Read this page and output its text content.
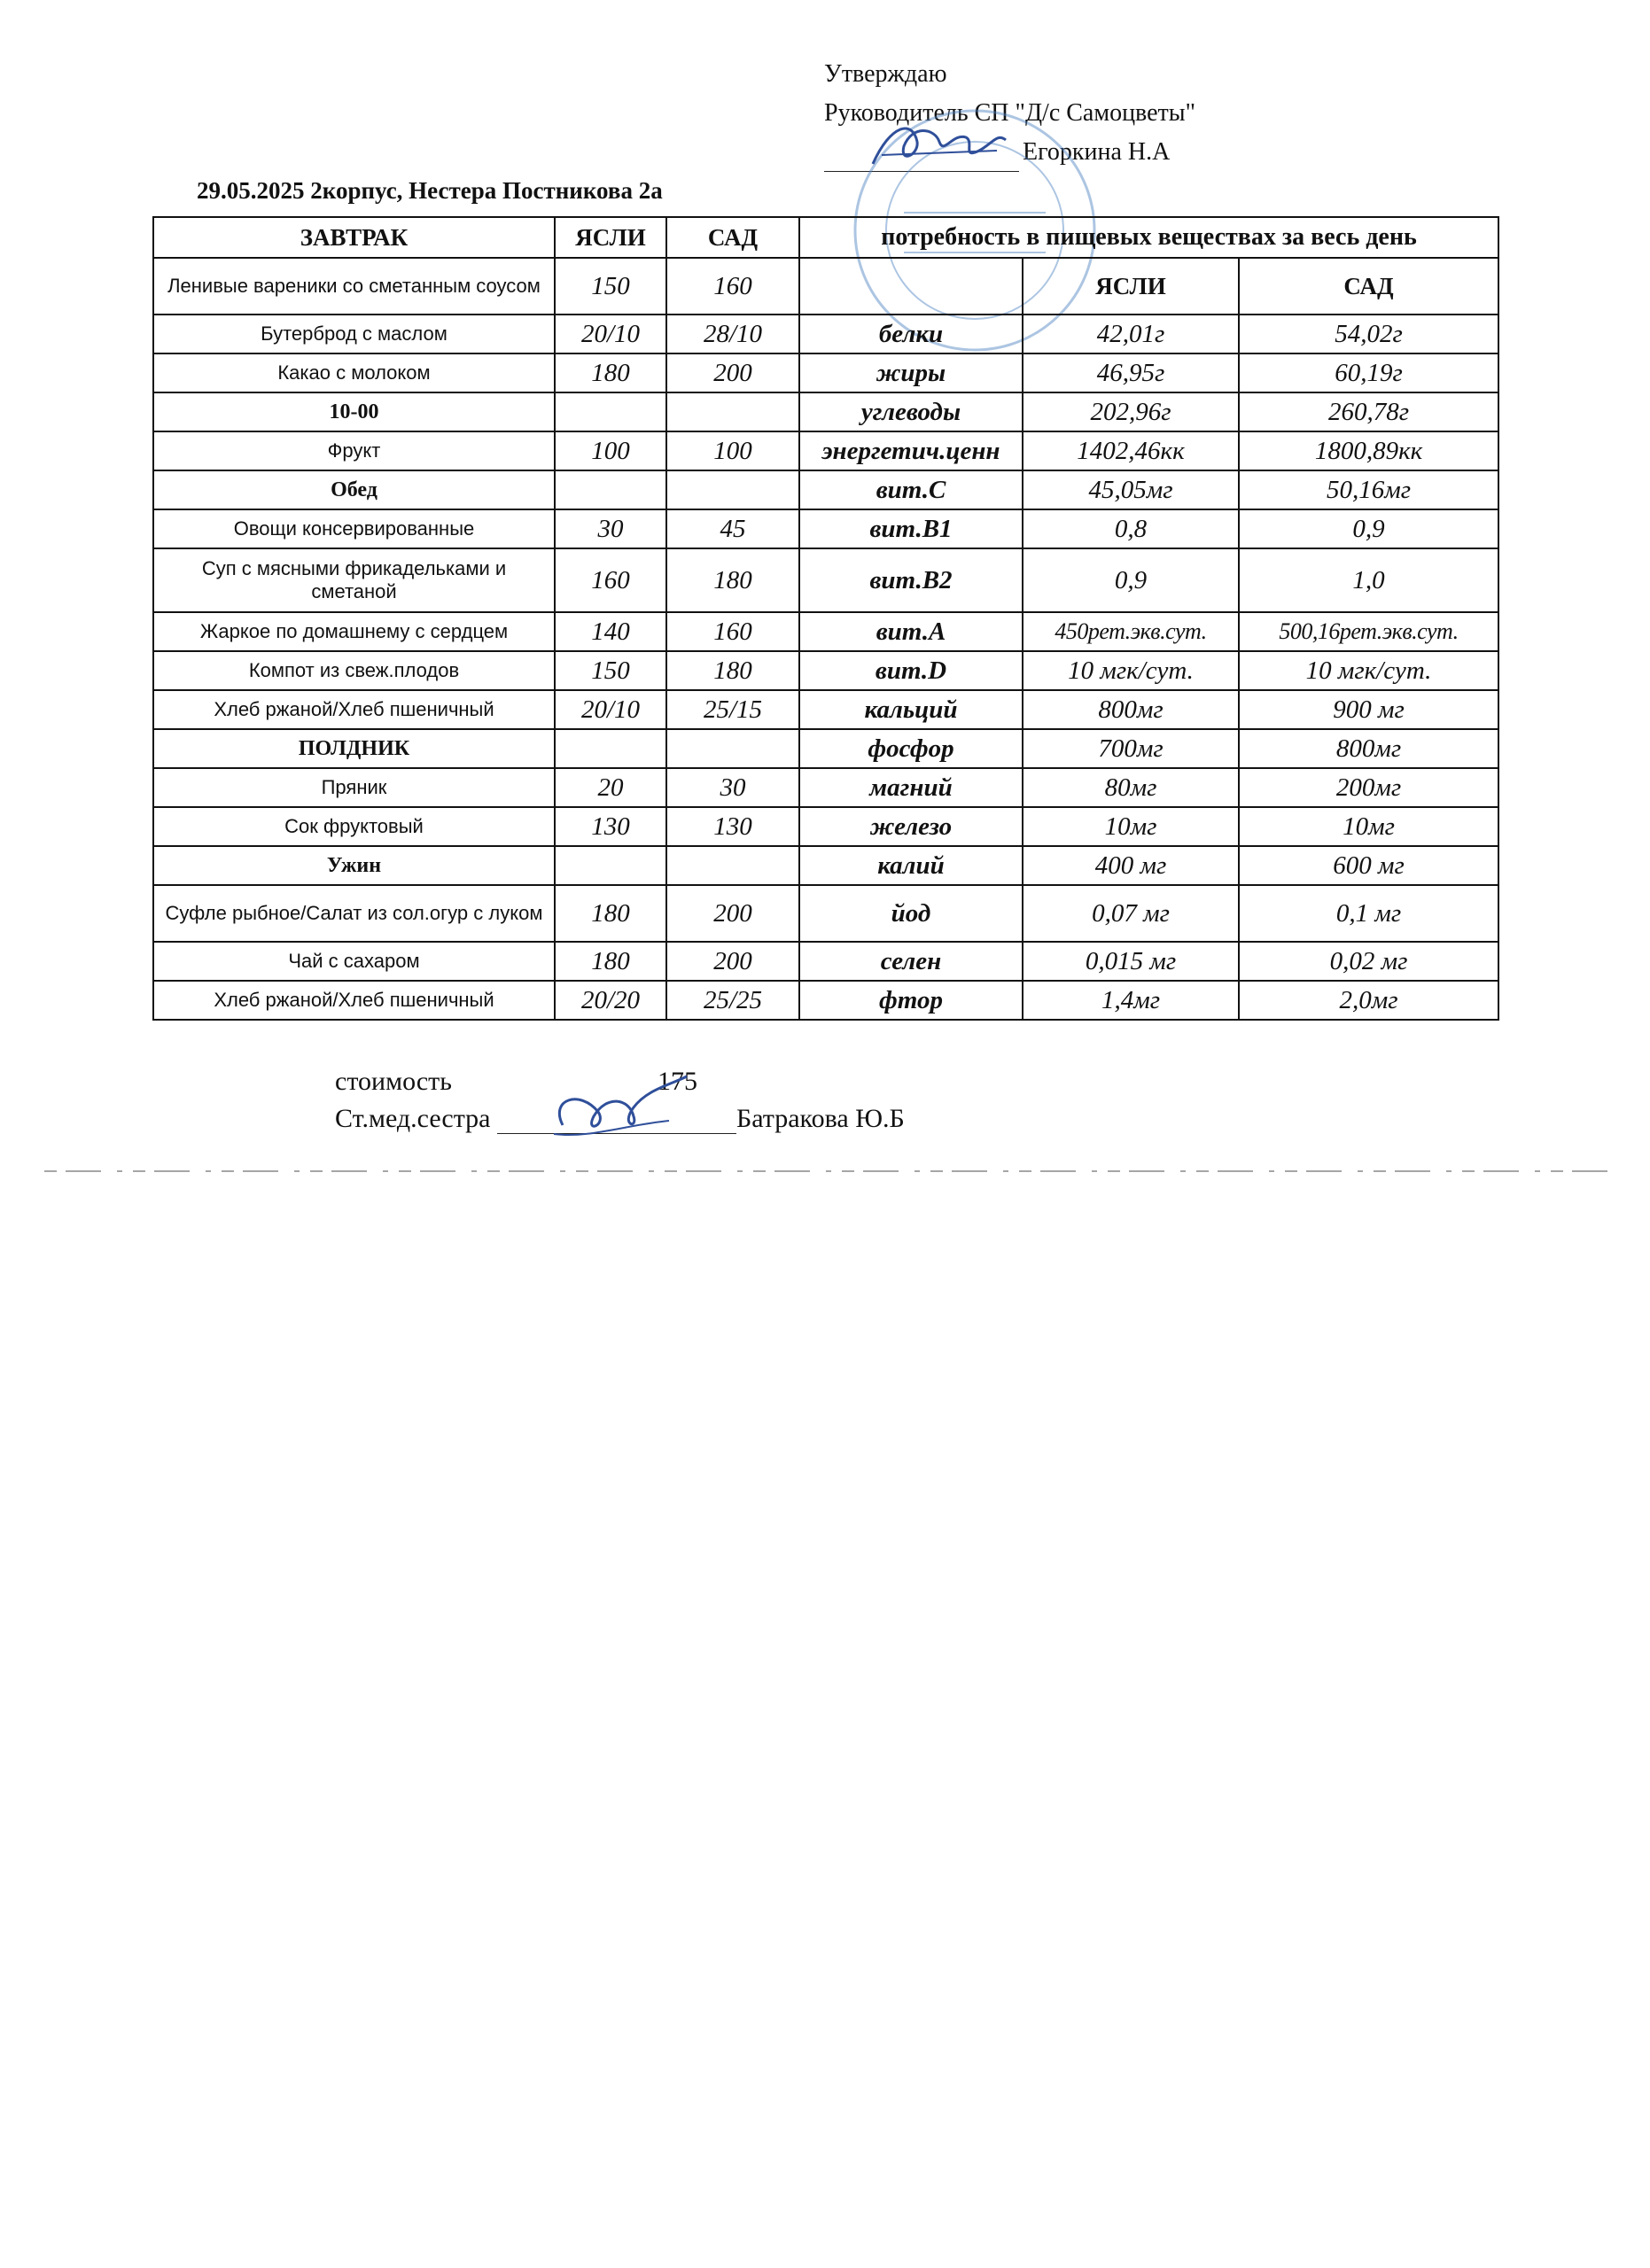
Утверждаю
Руководитель СП "Д/с Самоцветы"
Егоркина Н.А
29.05.2025 2корпус, Нестера Постникова 2а
ЗАВТРАК	ЯСЛИ	САД	потребность в пищевых веществах за весь день		
Ленивые вареники со сметанным соусом	150	160		ЯСЛИ	САД
Бутерброд с маслом	20/10	28/10	белки	42,01г	54,02г
Какао с молоком	180	200	жиры	46,95г	60,19г
10-00			углеводы	202,96г	260,78г
Фрукт	100	100	энергетич.ценн	1402,46кк	1800,89кк
Обед			вит.С	45,05мг	50,16мг
Овощи консервированные	30	45	вит.В1	0,8	0,9
Суп с мясными фрикадельками и сметаной	160	180	вит.В2	0,9	1,0
Жаркое по домашнему с сердцем	140	160	вит.А	450рет.экв.сут.	500,16рет.экв.сут.
Компот из свеж.плодов	150	180	вит.D	10 мгк/сут.	10 мгк/сут.
Хлеб ржаной/Хлеб пшеничный	20/10	25/15	кальций	800мг	900 мг
ПОЛДНИК			фосфор	700мг	800мг
Пряник	20	30	магний	80мг	200мг
Сок фруктовый	130	130	железо	10мг	10мг
Ужин			калий	400 мг	600 мг
Суфле рыбное/Салат из сол.огур с луком	180	200	йод	0,07 мг	0,1 мг
Чай с сахаром	180	200	селен	0,015 мг	0,02 мг
Хлеб ржаной/Хлеб пшеничный	20/20	25/25	фтор	1,4мг	2,0мг
стоимость	175
Ст.мед.сестра	Батракова Ю.Б
